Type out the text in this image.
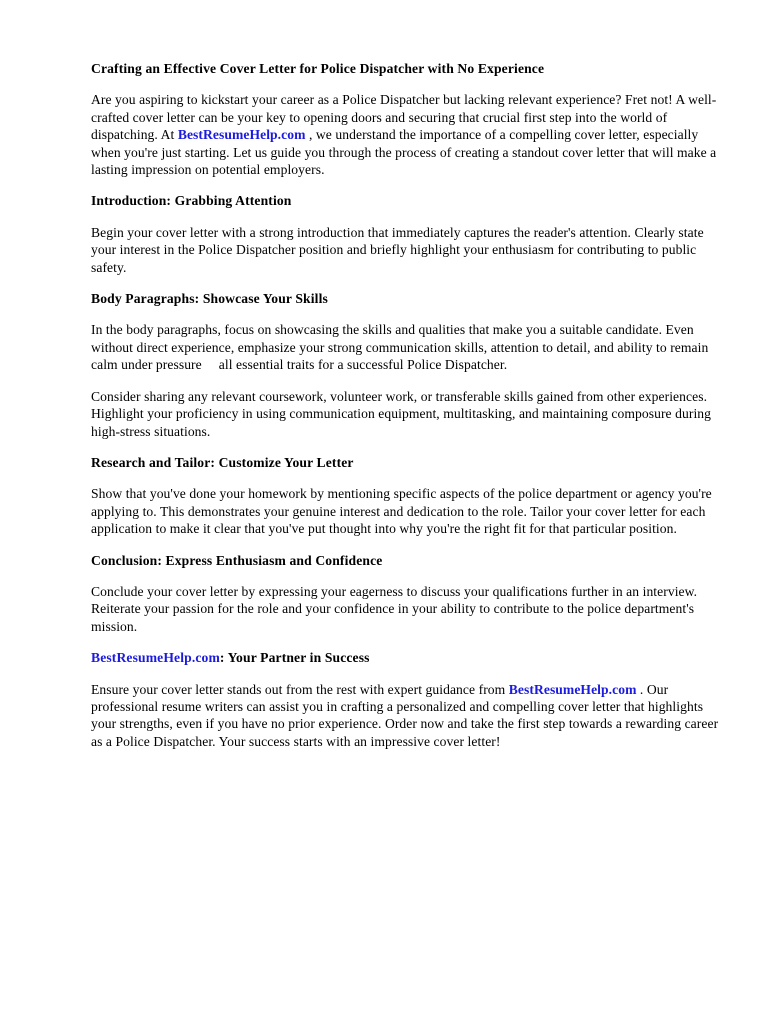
Crafting an Effective Cover Letter for Police Dispatcher with No Experience

Are you aspiring to kickstart your career as a Police Dispatcher but lacking relevant experience? Fret not! A well-crafted cover letter can be your key to opening doors and securing that crucial first step into the world of dispatching. At BestResumeHelp.com , we understand the importance of a compelling cover letter, especially when you're just starting. Let us guide you through the process of creating a standout cover letter that will make a lasting impression on potential employers.

Introduction: Grabbing Attention

Begin your cover letter with a strong introduction that immediately captures the reader's attention. Clearly state your interest in the Police Dispatcher position and briefly highlight your enthusiasm for contributing to public safety.

Body Paragraphs: Showcase Your Skills

In the body paragraphs, focus on showcasing the skills and qualities that make you a suitable candidate. Even without direct experience, emphasize your strong communication skills, attention to detail, and ability to remain calm under pressure all essential traits for a successful Police Dispatcher.

Consider sharing any relevant coursework, volunteer work, or transferable skills gained from other experiences. Highlight your proficiency in using communication equipment, multitasking, and maintaining composure during high-stress situations.

Research and Tailor: Customize Your Letter

Show that you've done your homework by mentioning specific aspects of the police department or agency you're applying to. This demonstrates your genuine interest and dedication to the role. Tailor your cover letter for each application to make it clear that you've put thought into why you're the right fit for that particular position.

Conclusion: Express Enthusiasm and Confidence

Conclude your cover letter by expressing your eagerness to discuss your qualifications further in an interview. Reiterate your passion for the role and your confidence in your ability to contribute to the police department's mission.

BestResumeHelp.com: Your Partner in Success

Ensure your cover letter stands out from the rest with expert guidance from BestResumeHelp.com . Our professional resume writers can assist you in crafting a personalized and compelling cover letter that highlights your strengths, even if you have no prior experience. Order now and take the first step towards a rewarding career as a Police Dispatcher. Your success starts with an impressive cover letter!
